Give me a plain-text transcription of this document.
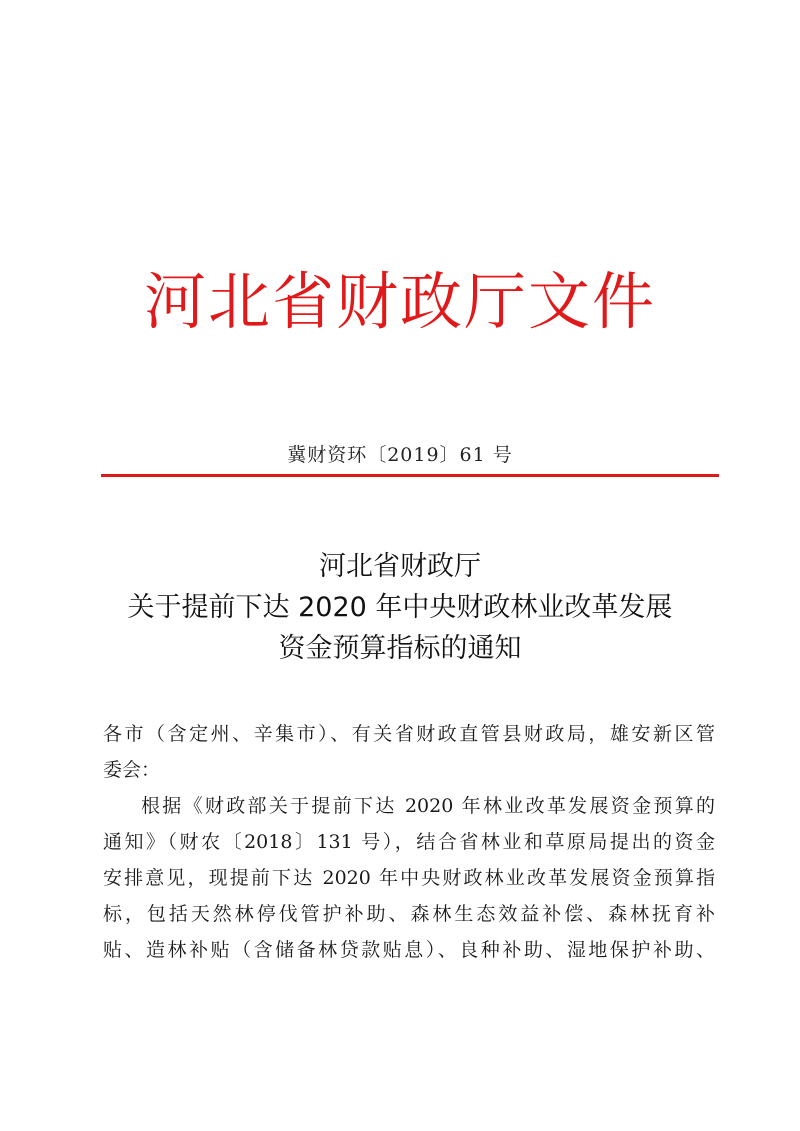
河北省财政厅文件
冀财资环〔2019〕61 号
河北省财政厅
关于提前下达 2020 年中央财政林业改革发展
资金预算指标的通知
各市（含定州、辛集市）、有关省财政直管县财政局，雄安新区管
委会：
根据《财政部关于提前下达 2020 年林业改革发展资金预算的
通知》（财农〔2018〕131 号），结合省林业和草原局提出的资金
安排意见，现提前下达 2020 年中央财政林业改革发展资金预算指
标，包括天然林停伐管护补助、森林生态效益补偿、森林抚育补
贴、造林补贴（含储备林贷款贴息）、良种补助、湿地保护补助、
